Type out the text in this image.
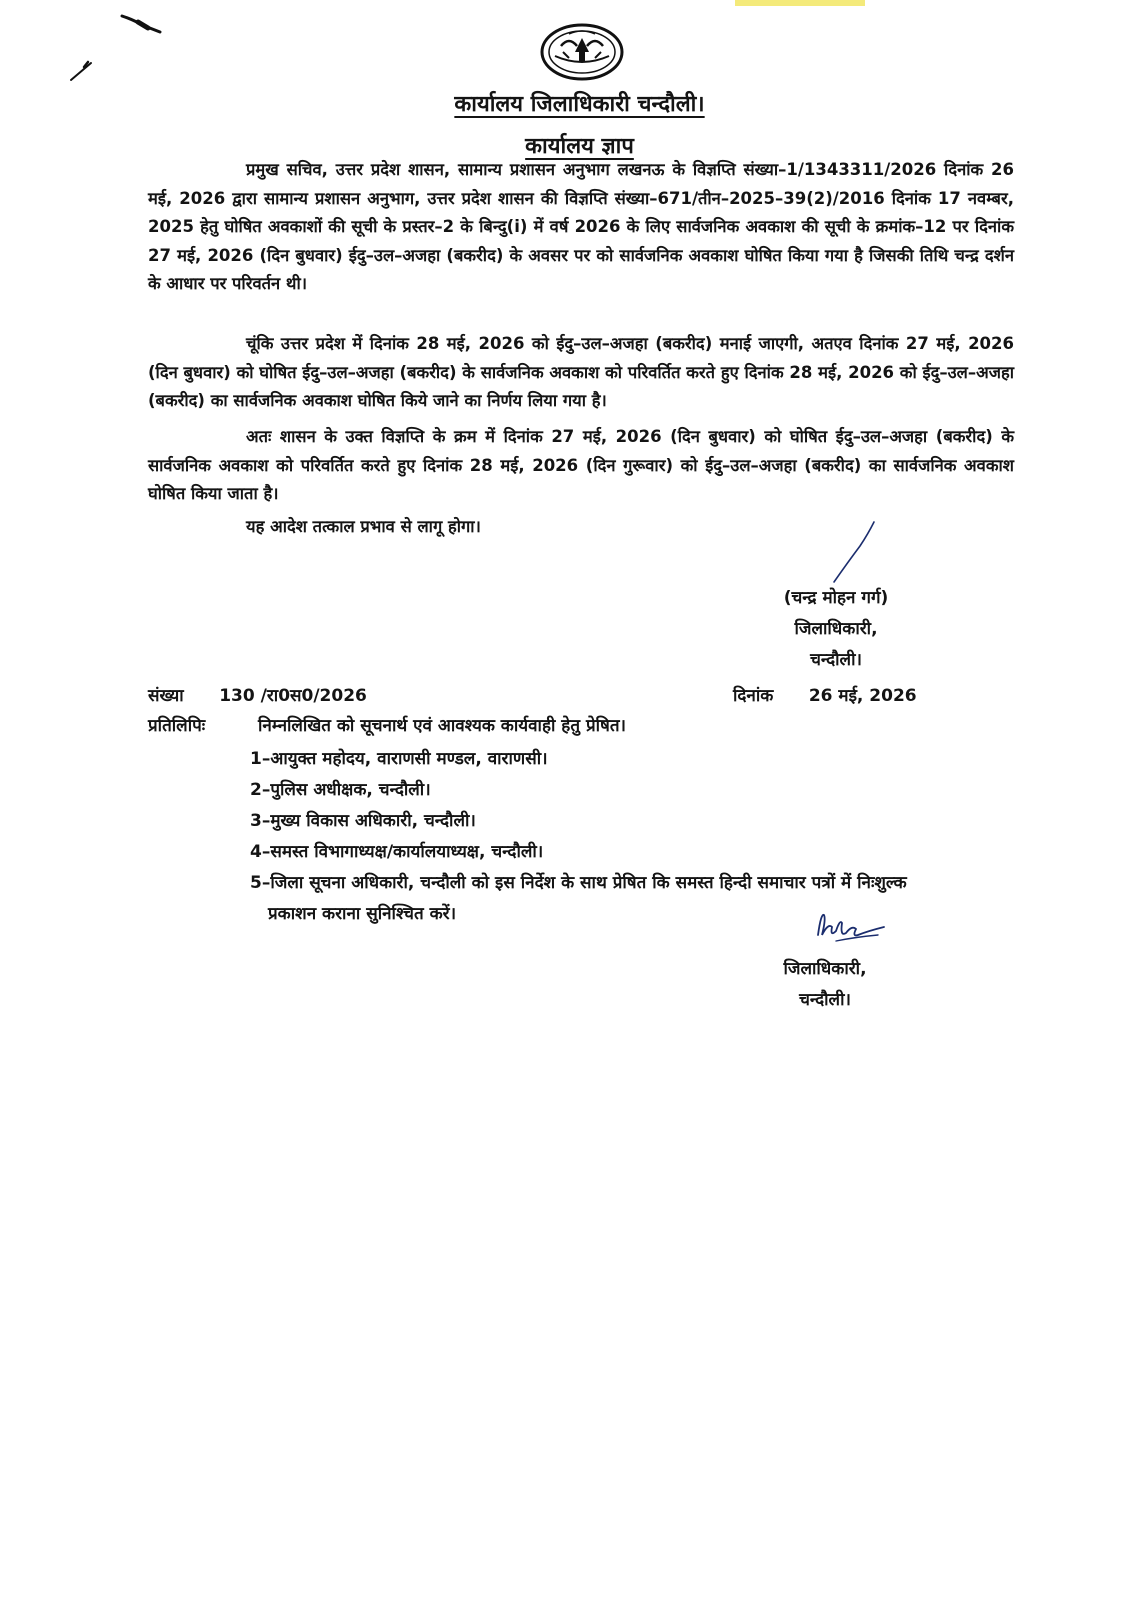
कार्यालय जिलाधिकारी चन्दौली।
कार्यालय ज्ञाप

प्रमुख सचिव, उत्तर प्रदेश शासन, सामान्य प्रशासन अनुभाग लखनऊ के विज्ञप्ति संख्या–1/1343311/2026 दिनांक 26 मई, 2026 द्वारा सामान्य प्रशासन अनुभाग, उत्तर प्रदेश शासन की विज्ञप्ति संख्या–671/तीन–2025–39(2)/2016 दिनांक 17 नवम्बर, 2025 हेतु घोषित अवकाशों की सूची के प्रस्तर–2 के बिन्दु(i) में वर्ष 2026 के लिए सार्वजनिक अवकाश की सूची के क्रमांक–12 पर दिनांक 27 मई, 2026 (दिन बुधवार) ईदु–उल–अजहा (बकरीद) के अवसर पर को सार्वजनिक अवकाश घोषित किया गया है जिसकी तिथि चन्द्र दर्शन के आधार पर परिवर्तन थी।

चूंकि उत्तर प्रदेश में दिनांक 28 मई, 2026 को ईदु–उल–अजहा (बकरीद) मनाई जाएगी, अतएव दिनांक 27 मई, 2026 (दिन बुधवार) को घोषित ईदु–उल–अजहा (बकरीद) के सार्वजनिक अवकाश को परिवर्तित करते हुए दिनांक 28 मई, 2026 को ईदु–उल–अजहा (बकरीद) का सार्वजनिक अवकाश घोषित किये जाने का निर्णय लिया गया है।

अतः शासन के उक्त विज्ञप्ति के क्रम में दिनांक 27 मई, 2026 (दिन बुधवार) को घोषित ईदु–उल–अजहा (बकरीद) के सार्वजनिक अवकाश को परिवर्तित करते हुए दिनांक 28 मई, 2026 (दिन गुरूवार) को ईदु–उल–अजहा (बकरीद) का सार्वजनिक अवकाश घोषित किया जाता है।

यह आदेश तत्काल प्रभाव से लागू होगा।

(चन्द्र मोहन गर्ग)
जिलाधिकारी,
चन्दौली।
संख्या 130 /रा0स0/2026	दिनांक 26 मई, 2026
प्रतिलिपिः	निम्नलिखित को सूचनार्थ एवं आवश्यक कार्यवाही हेतु प्रेषित।
1–आयुक्त महोदय, वाराणसी मण्डल, वाराणसी।
2–पुलिस अधीक्षक, चन्दौली।
3–मुख्य विकास अधिकारी, चन्दौली।
4–समस्त विभागाध्यक्ष/कार्यालयाध्यक्ष, चन्दौली।
5–जिला सूचना अधिकारी, चन्दौली को इस निर्देश के साथ प्रेषित कि समस्त हिन्दी समाचार पत्रों में निःशुल्क
प्रकाशन कराना सुनिश्चित करें।
जिलाधिकारी,
चन्दौली।
